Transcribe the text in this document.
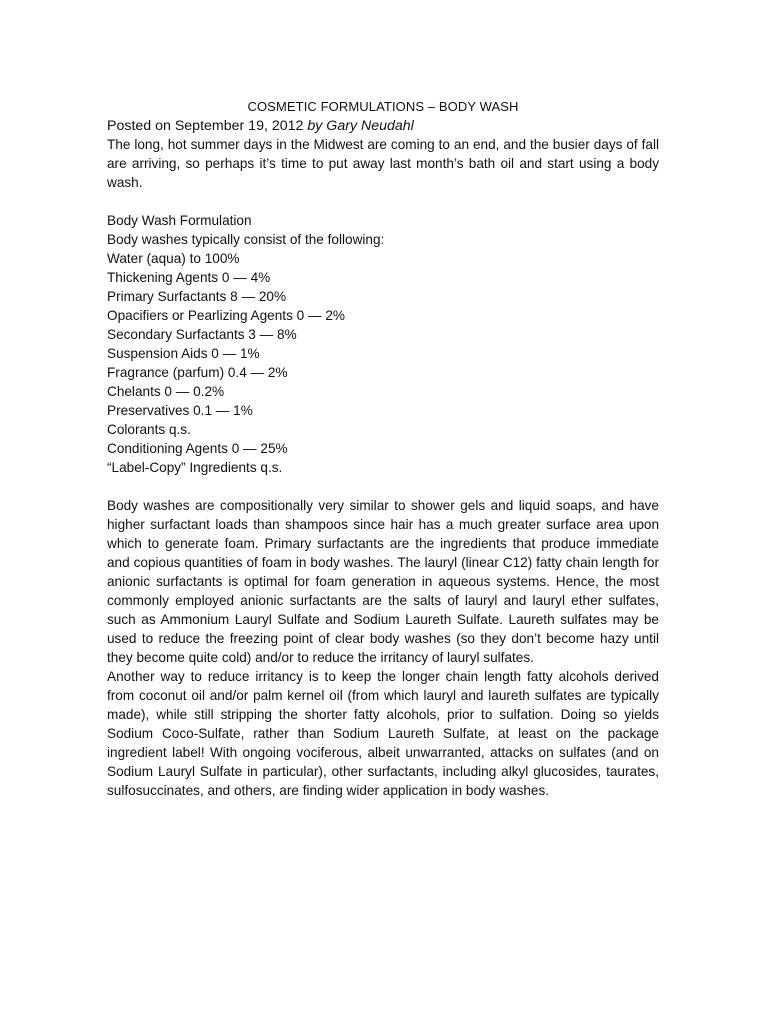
COSMETIC FORMULATIONS – BODY WASH

Posted on September 19, 2012 by Gary Neudahl

The long, hot summer days in the Midwest are coming to an end, and the busier days of fall are arriving, so perhaps it’s time to put away last month’s bath oil and start using a body wash.

Body Wash Formulation
Body washes typically consist of the following:
Water (aqua) to 100%
Thickening Agents 0 — 4%
Primary Surfactants 8 — 20%
Opacifiers or Pearlizing Agents 0 — 2%
Secondary Surfactants 3 — 8%
Suspension Aids 0 — 1%
Fragrance (parfum) 0.4 — 2%
Chelants 0 — 0.2%
Preservatives 0.1 — 1%
Colorants q.s.
Conditioning Agents 0 — 25%
“Label-Copy” Ingredients q.s.

Body washes are compositionally very similar to shower gels and liquid soaps, and have higher surfactant loads than shampoos since hair has a much greater surface area upon which to generate foam. Primary surfactants are the ingredients that produce immediate and copious quantities of foam in body washes. The lauryl (linear C12) fatty chain length for anionic surfactants is optimal for foam generation in aqueous systems. Hence, the most commonly employed anionic surfactants are the salts of lauryl and lauryl ether sulfates, such as Ammonium Lauryl Sulfate and Sodium Laureth Sulfate. Laureth sulfates may be used to reduce the freezing point of clear body washes (so they don’t become hazy until they become quite cold) and/or to reduce the irritancy of lauryl sulfates.

Another way to reduce irritancy is to keep the longer chain length fatty alcohols derived from coconut oil and/or palm kernel oil (from which lauryl and laureth sulfates are typically made), while still stripping the shorter fatty alcohols, prior to sulfation. Doing so yields Sodium Coco-Sulfate, rather than Sodium Laureth Sulfate, at least on the package ingredient label! With ongoing vociferous, albeit unwarranted, attacks on sulfates (and on Sodium Lauryl Sulfate in particular), other surfactants, including alkyl glucosides, taurates, sulfosuccinates, and others, are finding wider application in body washes.
